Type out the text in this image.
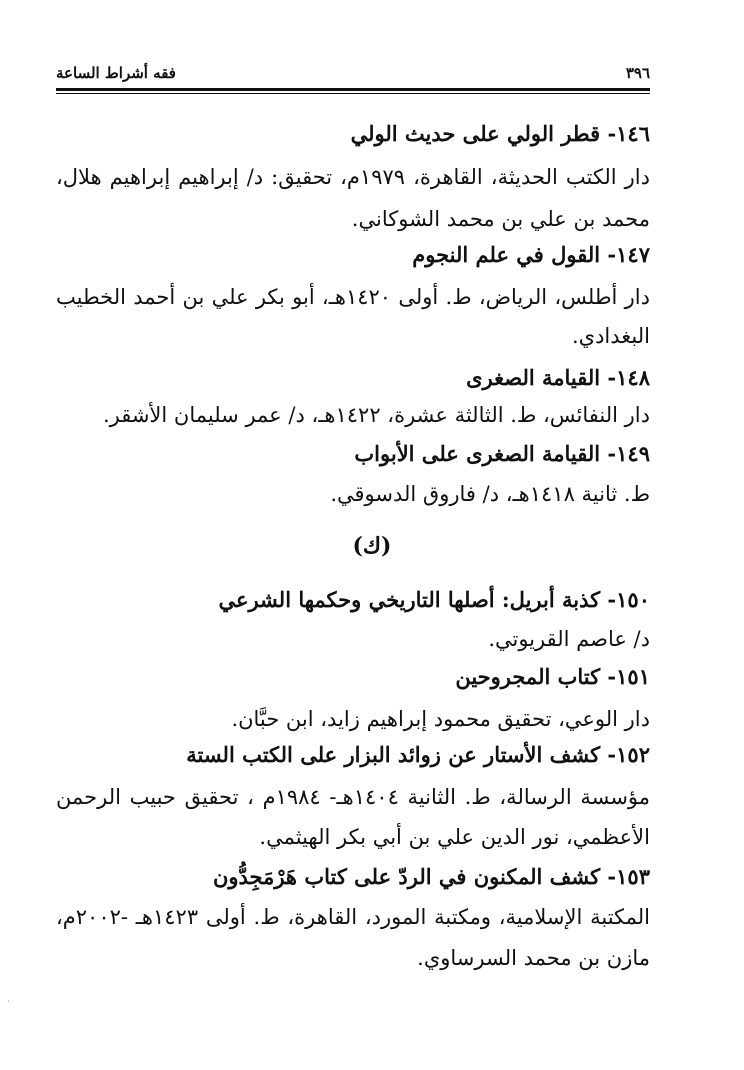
٣٩٦
فقه أشراط الساعة
١٤٦- قطر الولي على حديث الولي
دار الكتب الحديثة، القاهرة، ١٩٧٩م، تحقيق: د/ إبراهيم إبراهيم هلال،
محمد بن علي بن محمد الشوكاني.
١٤٧- القول في علم النجوم
دار أطلس، الرياض، ط. أولى ١٤٢٠هـ، أبو بكر علي بن أحمد الخطيب
البغدادي.
١٤٨- القيامة الصغرى
دار النفائس، ط. الثالثة عشرة، ١٤٢٢هـ، د/ عمر سليمان الأشقر.
١٤٩- القيامة الصغرى على الأبواب
ط. ثانية ١٤١٨هـ، د/ فاروق الدسوقي.
(ك)
١٥٠- كذبة أبريل: أصلها التاريخي وحكمها الشرعي
د/ عاصم القريوتي.
١٥١- كتاب المجروحين
دار الوعي، تحقيق محمود إبراهيم زايد، ابن حبَّان.
١٥٢- كشف الأستار عن زوائد البزار على الكتب الستة
مؤسسة الرسالة، ط. الثانية ١٤٠٤هـ- ١٩٨٤م ، تحقيق حبيب الرحمن
الأعظمي، نور الدين علي بن أبي بكر الهيثمي.
١٥٣- كشف المكنون في الردّ على كتاب هَرْمَجِدُّون
المكتبة الإسلامية، ومكتبة المورد، القاهرة، ط. أولى ١٤٢٣هـ -٢٠٠٢م،
مازن بن محمد السرساوي.
